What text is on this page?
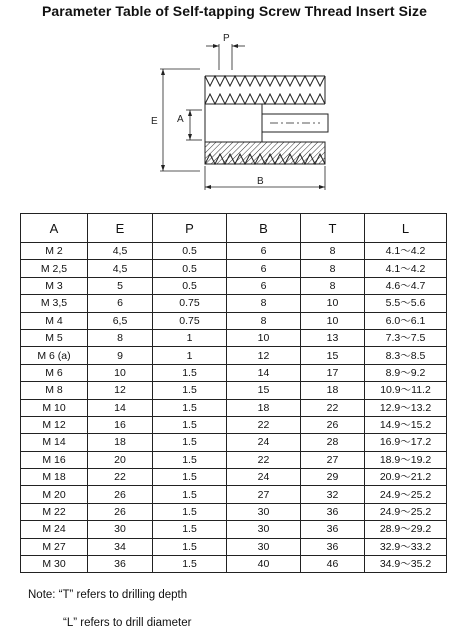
Parameter Table of Self-tapping Screw Thread Insert Size
P
E A
B
A	E	P	B	T	L
M 2	4,5	0.5	6	8	4.1～4.2
M 2,5	4,5	0.5	6	8	4.1～4.2
M 3	5	0.5	6	8	4.6～4.7
M 3,5	6	0.75	8	10	5.5～5.6
M 4	6,5	0.75	8	10	6.0～6.1
M 5	8	1	10	13	7.3～7.5
M 6 (a)	9	1	12	15	8.3～8.5
M 6	10	1.5	14	17	8.9～9.2
M 8	12	1.5	15	18	10.9～11.2
M 10	14	1.5	18	22	12.9～13.2
M 12	16	1.5	22	26	14.9～15.2
M 14	18	1.5	24	28	16.9～17.2
M 16	20	1.5	22	27	18.9～19.2
M 18	22	1.5	24	29	20.9～21.2
M 20	26	1.5	27	32	24.9～25.2
M 22	26	1.5	30	36	24.9～25.2
M 24	30	1.5	30	36	28.9～29.2
M 27	34	1.5	30	36	32.9～33.2
M 30	36	1.5	40	46	34.9～35.2
Note: “T” refers to drilling depth
“L” refers to drill diameter
